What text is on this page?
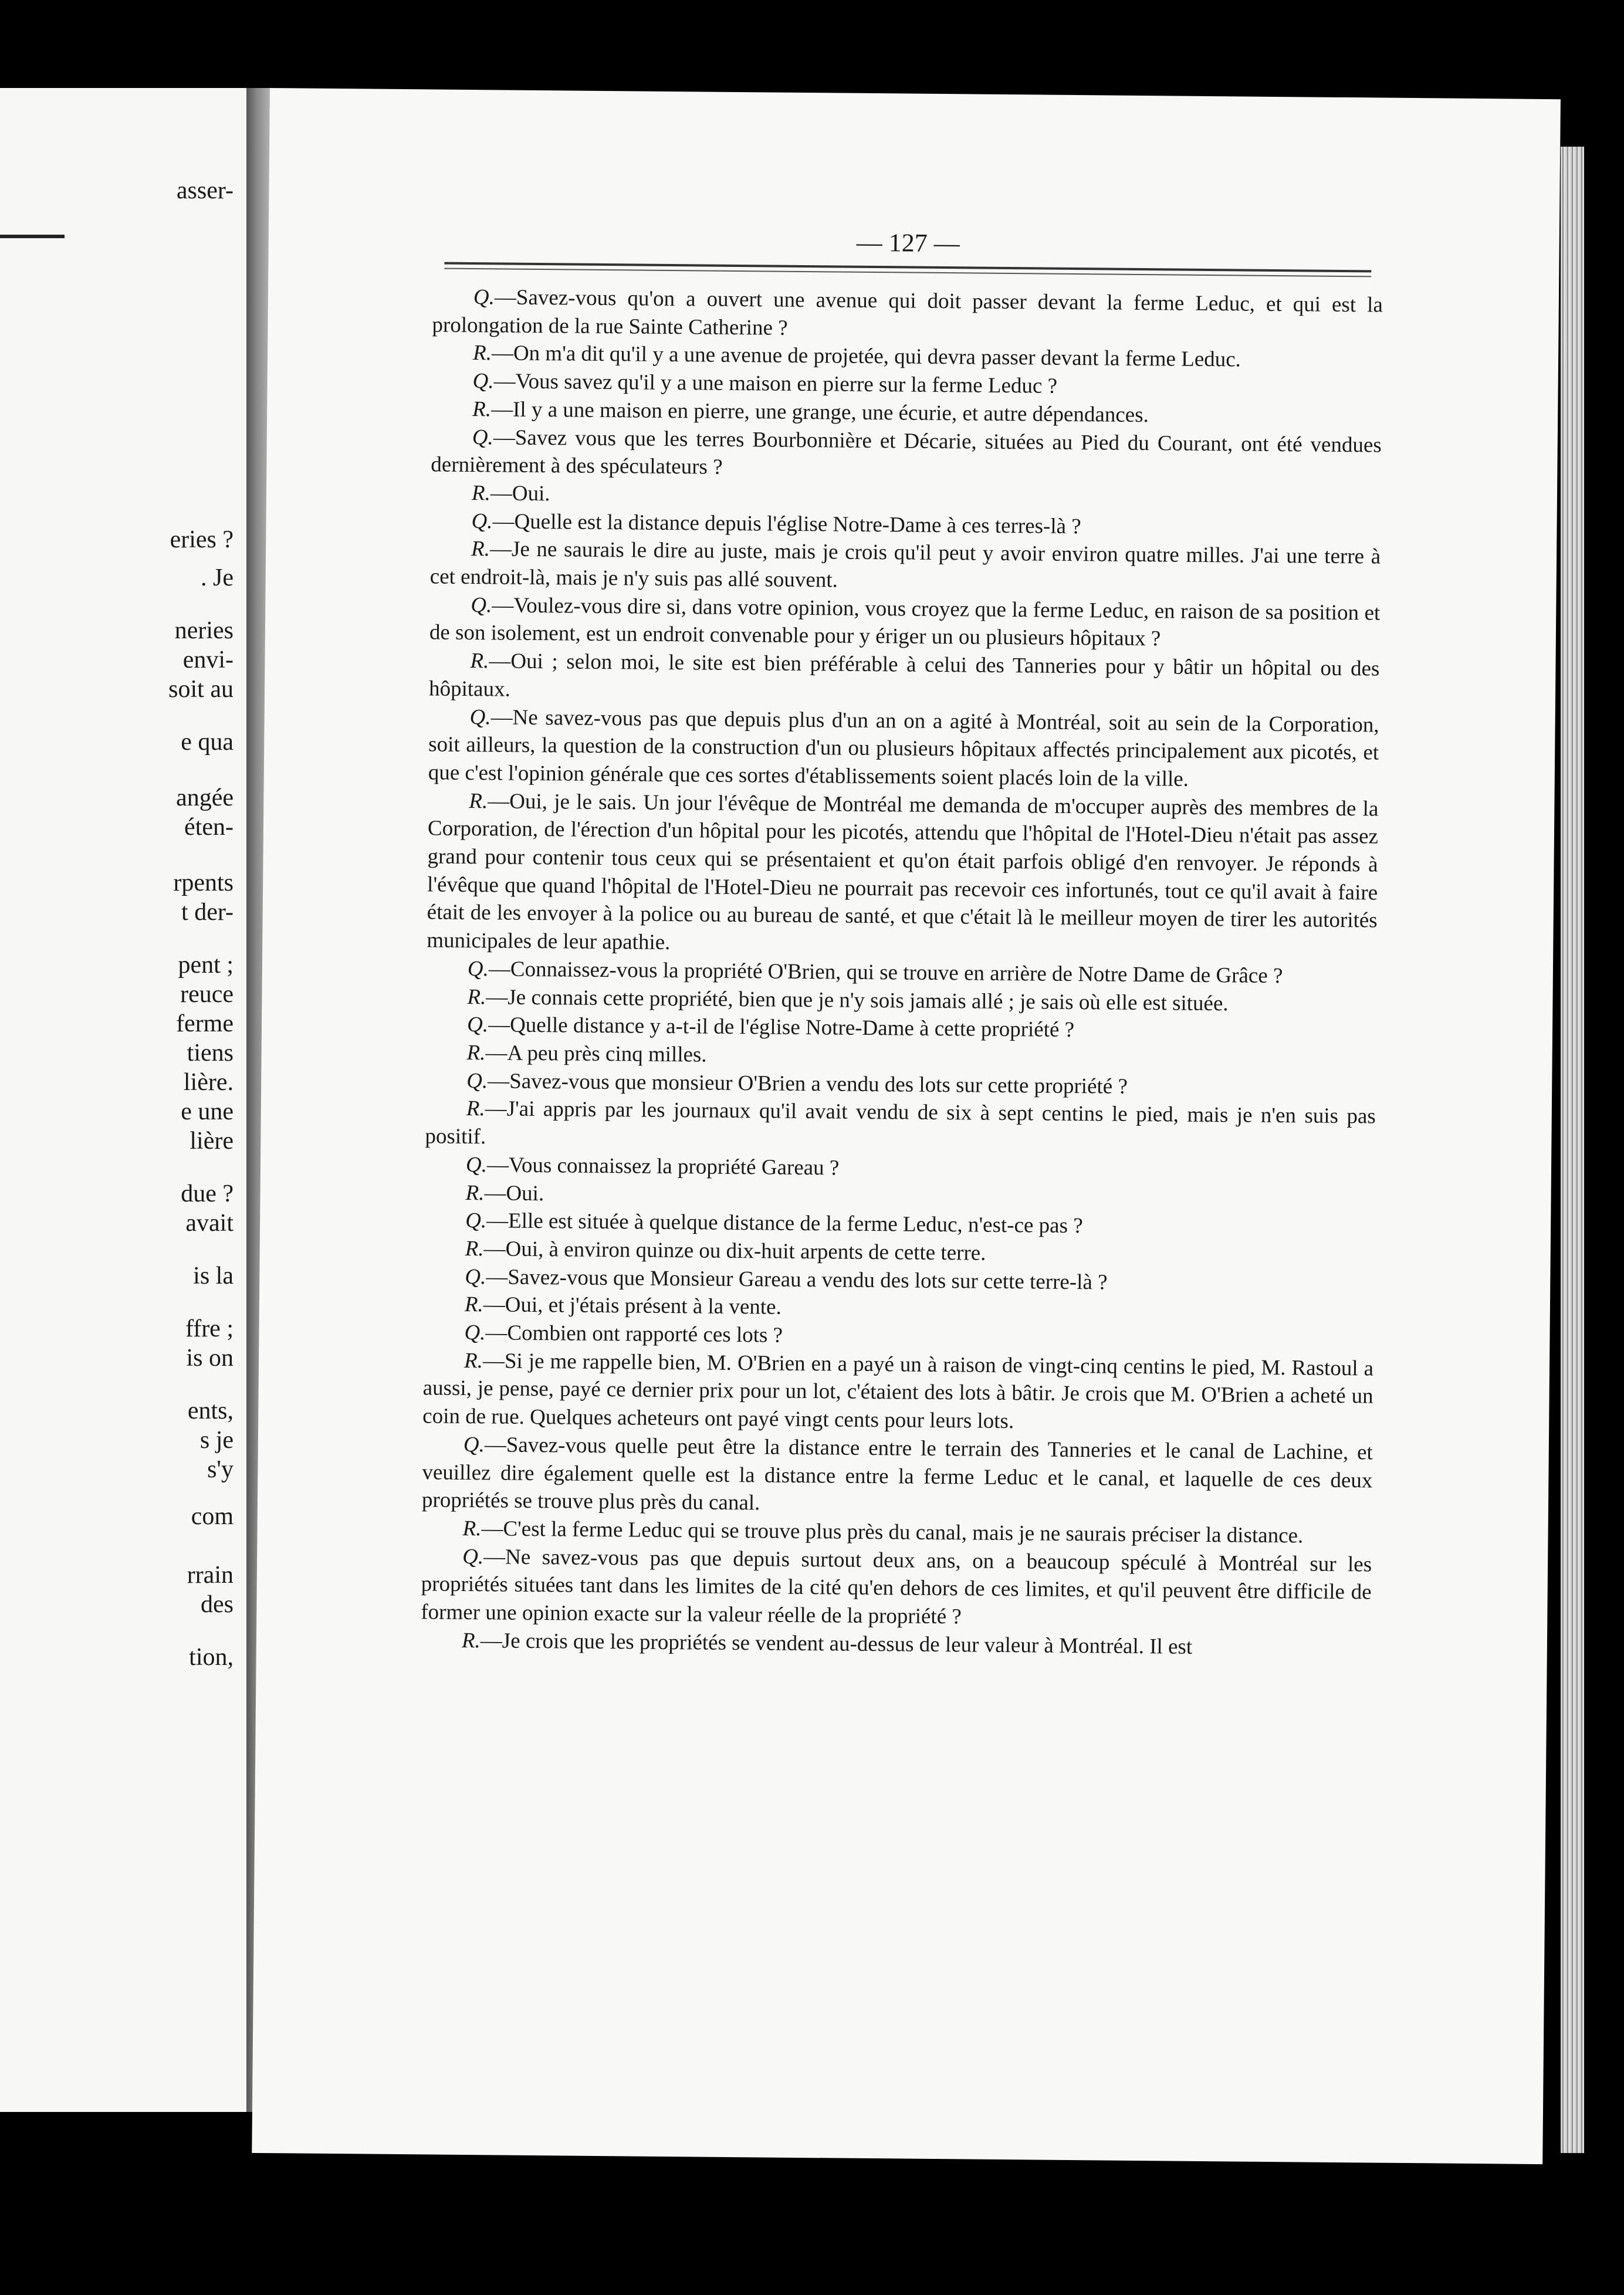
asser-
eries ?
. Je
neries
envi-
soit au
e qua
angée
éten-
rpents
t der-
pent ;
reuce
ferme
tiens
lière.
e une
lière
due ?
avait
is la
ffre ;
is on
ents,
s je
s'y
com
rrain
des
tion,
— 127 —

Q.—Savez-vous qu'on a ouvert une avenue qui doit passer devant la ferme Leduc, et qui est la prolongation de la rue Sainte Catherine ?

R.—On m'a dit qu'il y a une avenue de projetée, qui devra passer devant la ferme Leduc.

Q.—Vous savez qu'il y a une maison en pierre sur la ferme Leduc ?

R.—Il y a une maison en pierre, une grange, une écurie, et autre dépendances.

Q.—Savez vous que les terres Bourbonnière et Décarie, situées au Pied du Courant, ont été vendues dernièrement à des spéculateurs ?

R.—Oui.

Q.—Quelle est la distance depuis l'église Notre-Dame à ces terres-là ?

R.—Je ne saurais le dire au juste, mais je crois qu'il peut y avoir environ quatre milles. J'ai une terre à cet endroit-là, mais je n'y suis pas allé souvent.

Q.—Voulez-vous dire si, dans votre opinion, vous croyez que la ferme Leduc, en raison de sa position et de son isolement, est un endroit convenable pour y ériger un ou plusieurs hôpitaux ?

R.—Oui ; selon moi, le site est bien préférable à celui des Tanneries pour y bâtir un hôpital ou des hôpitaux.

Q.—Ne savez-vous pas que depuis plus d'un an on a agité à Montréal, soit au sein de la Corporation, soit ailleurs, la question de la construction d'un ou plusieurs hôpitaux affectés principalement aux picotés, et que c'est l'opinion générale que ces sortes d'établissements soient placés loin de la ville.

R.—Oui, je le sais. Un jour l'évêque de Montréal me demanda de m'occuper auprès des membres de la Corporation, de l'érection d'un hôpital pour les picotés, attendu que l'hôpital de l'Hotel-Dieu n'était pas assez grand pour contenir tous ceux qui se présentaient et qu'on était parfois obligé d'en renvoyer. Je réponds à l'évêque que quand l'hôpital de l'Hotel-Dieu ne pourrait pas recevoir ces infortunés, tout ce qu'il avait à faire était de les envoyer à la police ou au bureau de santé, et que c'était là le meilleur moyen de tirer les autorités municipales de leur apathie.

Q.—Connaissez-vous la propriété O'Brien, qui se trouve en arrière de Notre Dame de Grâce ?

R.—Je connais cette propriété, bien que je n'y sois jamais allé ; je sais où elle est située.

Q.—Quelle distance y a-t-il de l'église Notre-Dame à cette propriété ?

R.—A peu près cinq milles.

Q.—Savez-vous que monsieur O'Brien a vendu des lots sur cette propriété ?

R.—J'ai appris par les journaux qu'il avait vendu de six à sept centins le pied, mais je n'en suis pas positif.

Q.—Vous connaissez la propriété Gareau ?

R.—Oui.

Q.—Elle est située à quelque distance de la ferme Leduc, n'est-ce pas ?

R.—Oui, à environ quinze ou dix-huit arpents de cette terre.

Q.—Savez-vous que Monsieur Gareau a vendu des lots sur cette terre-là ?

R.—Oui, et j'étais présent à la vente.

Q.—Combien ont rapporté ces lots ?

R.—Si je me rappelle bien, M. O'Brien en a payé un à raison de vingt-cinq centins le pied, M. Rastoul a aussi, je pense, payé ce dernier prix pour un lot, c'étaient des lots à bâtir. Je crois que M. O'Brien a acheté un coin de rue. Quelques acheteurs ont payé vingt cents pour leurs lots.

Q.—Savez-vous quelle peut être la distance entre le terrain des Tanneries et le canal de Lachine, et veuillez dire également quelle est la distance entre la ferme Leduc et le canal, et laquelle de ces deux propriétés se trouve plus près du canal.

R.—C'est la ferme Leduc qui se trouve plus près du canal, mais je ne saurais préciser la distance.

Q.—Ne savez-vous pas que depuis surtout deux ans, on a beaucoup spéculé à Montréal sur les propriétés situées tant dans les limites de la cité qu'en dehors de ces limites, et qu'il peuvent être difficile de former une opinion exacte sur la valeur réelle de la propriété ?

R.—Je crois que les propriétés se vendent au-dessus de leur valeur à Montréal. Il est
